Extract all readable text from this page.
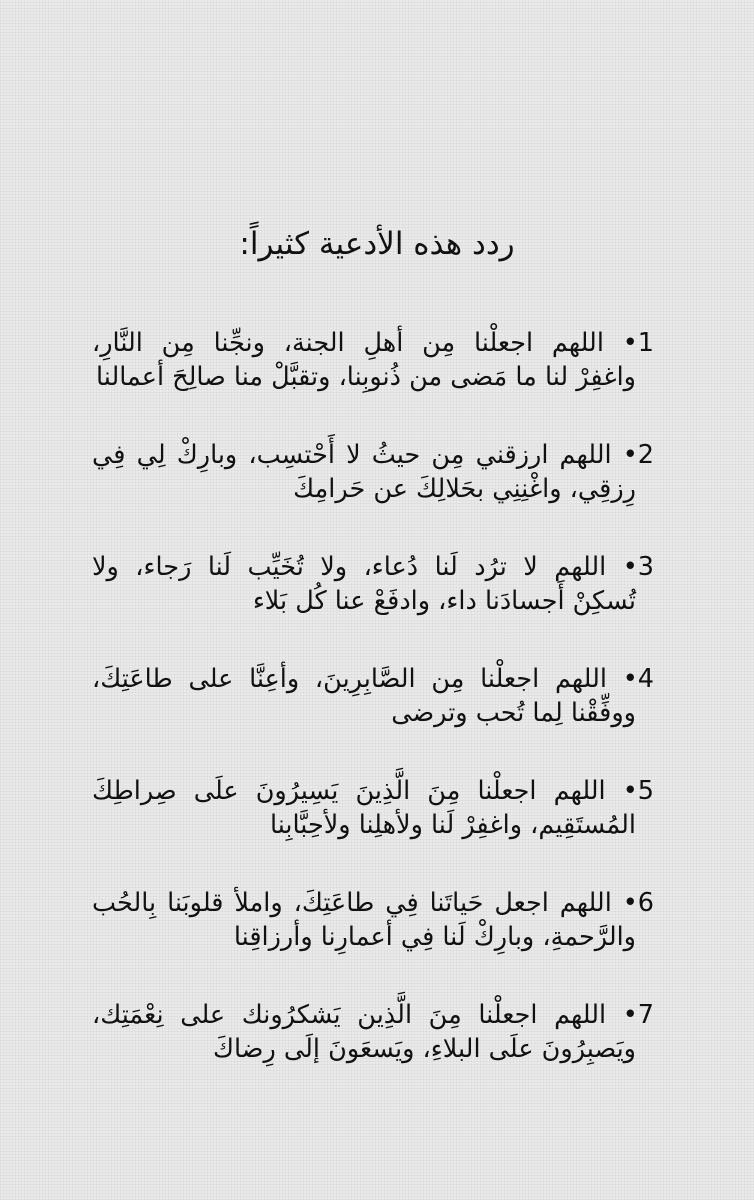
ردد هذه الأدعية كثيراً:
1• اللهم اجعلْنا مِن أهلِ الجنة، ونجِّنا مِن النَّارِ،
واغفِرْ لنا ما مَضى من ذُنوبِنا، وتقبَّلْ منا صالِحَ أعمالنا
2• اللهم ارزقني مِن حيثُ لا أَحْتسِب، وبارِكْ لِي فِي
رِزقِي، واغْنِنِي بحَلالِكَ عن حَرامِكَ
3• اللهم لا ترُد لَنا دُعاء، ولا تُخَيِّب لَنا رَجاء، ولا
تُسكِنْ أَجسادَنا داء، وادفَعْ عنا كُل بَلاء
4• اللهم اجعلْنا مِن الصَّابِرِينَ، وأعِنَّا على طاعَتِكَ،
ووفِّقْنا لِما تُحب وترضى
5• اللهم اجعلْنا مِنَ الَّذِينَ يَسِيرُونَ علَى صِراطِكَ
المُستَقِيم، واغفِرْ لَنا ولأهلِنا ولأحِبَّابِنا
6• اللهم اجعل حَياتَنا فِي طاعَتِكَ، واملأ قلوبَنا بِالحُب
والرَّحمةِ، وبارِكْ لَنا فِي أعمارِنا وأرزاقِنا
7• اللهم اجعلْنا مِنَ الَّذِين يَشكرُونك على نِعْمَتِك،
ويَصبِرُونَ علَى البلاءِ، ويَسعَونَ إلَى رِضاكَ
